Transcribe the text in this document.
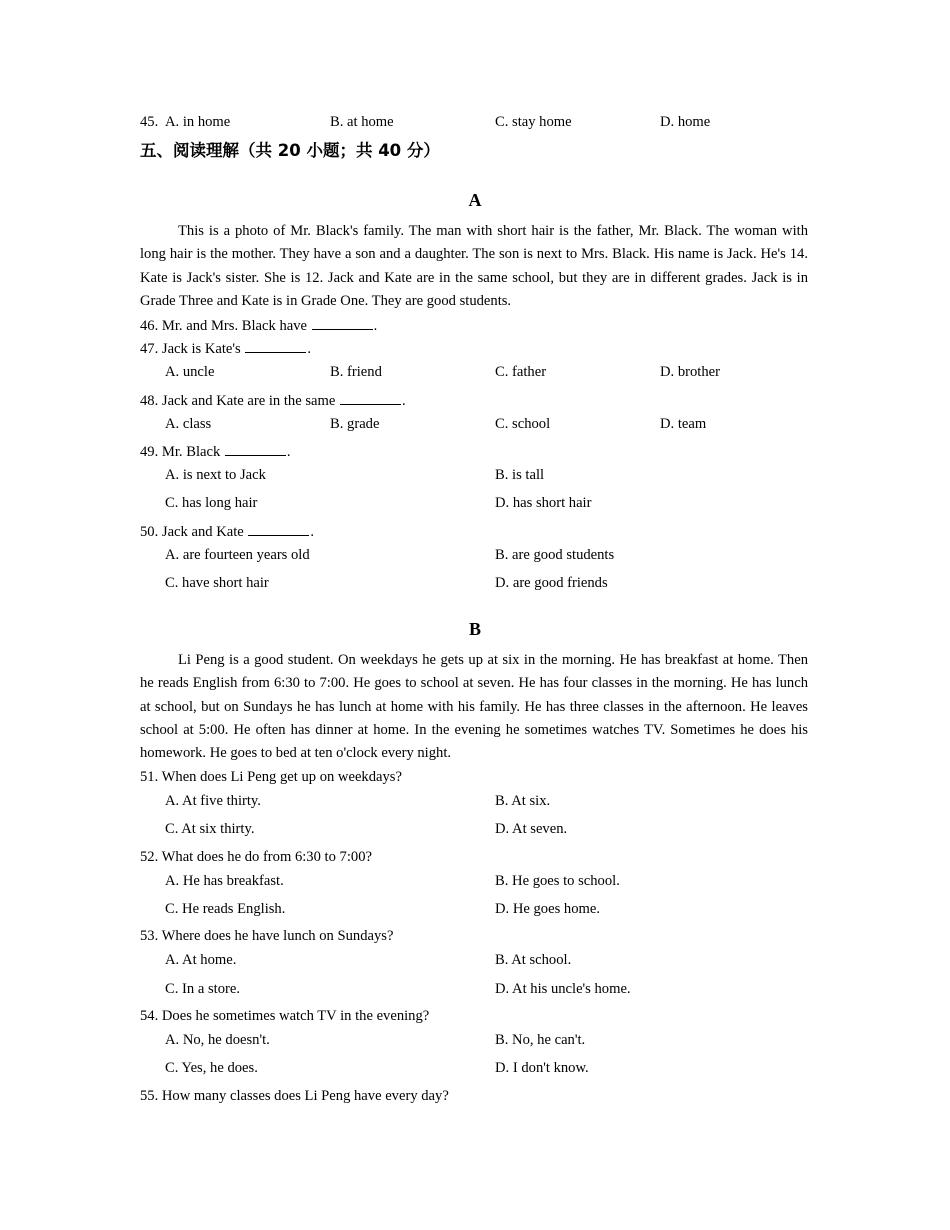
45. A. in home	B. at home	C. stay home	D. home
五、阅读理解（共 20 小题；共 40 分）
A
This is a photo of Mr. Black's family. The man with short hair is the father, Mr. Black. The woman with long hair is the mother. They have a son and a daughter. The son is next to Mrs. Black. His name is Jack. He's 14. Kate is Jack's sister. She is 12. Jack and Kate are in the same school, but they are in different grades. Jack is in Grade Three and Kate is in Grade One. They are good students.
46. Mr. and Mrs. Black have	.
47. Jack is Kate's	.
A. uncle	B. friend	C. father	D. brother
48. Jack and Kate are in the same	.
A. class	B. grade	C. school	D. team
49. Mr. Black	.
A. is next to Jack	B. is tall
C. has long hair	D. has short hair
50. Jack and Kate	.
A. are fourteen years old	B. are good students
C. have short hair	D. are good friends
B
Li Peng is a good student. On weekdays he gets up at six in the morning. He has breakfast at home. Then he reads English from 6:30 to 7:00. He goes to school at seven. He has four classes in the morning. He has lunch at school, but on Sundays he has lunch at home with his family. He has three classes in the afternoon. He leaves school at 5:00. He often has dinner at home. In the evening he sometimes watches TV. Sometimes he does his homework. He goes to bed at ten o'clock every night.
51. When does Li Peng get up on weekdays?
A. At five thirty.	B. At six.
C. At six thirty.	D. At seven.
52. What does he do from 6:30 to 7:00?
A. He has breakfast.	B. He goes to school.
C. He reads English.	D. He goes home.
53. Where does he have lunch on Sundays?
A. At home.	B. At school.
C. In a store.	D. At his uncle's home.
54. Does he sometimes watch TV in the evening?
A. No, he doesn't.	B. No, he can't.
C. Yes, he does.	D. I don't know.
55. How many classes does Li Peng have every day?
